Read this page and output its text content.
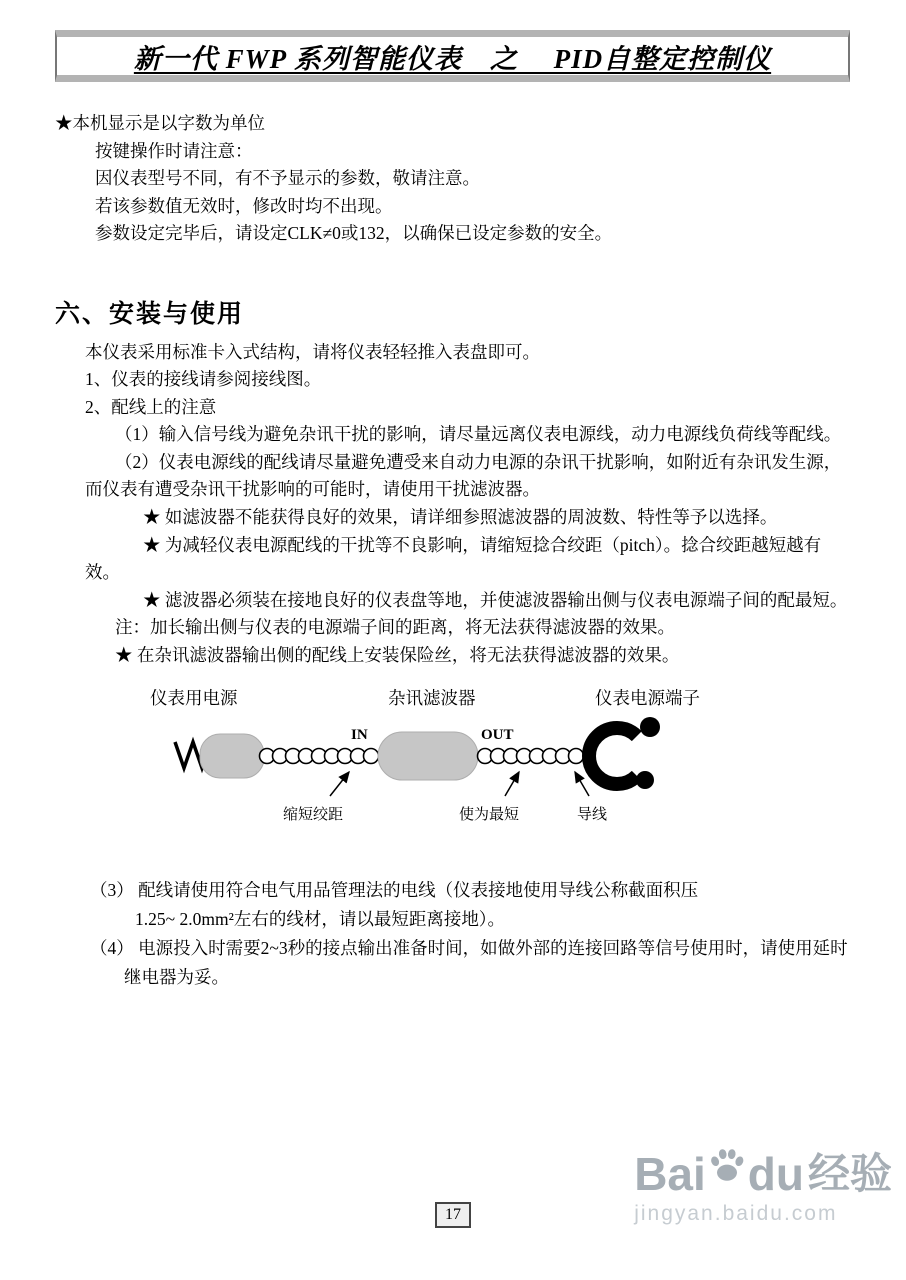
新一代 FWP 系列智能仪表　之　 PID自整定控制仪

★本机显示是以字数为单位

按键操作时请注意：

因仪表型号不同，有不予显示的参数，敬请注意。

若该参数值无效时，修改时均不出现。

参数设定完毕后，请设定CLK≠0或132，以确保已设定参数的安全。

六、安装与使用

本仪表采用标准卡入式结构，请将仪表轻轻推入表盘即可。

1、仪表的接线请参阅接线图。

2、配线上的注意

（1）输入信号线为避免杂讯干扰的影响，请尽量远离仪表电源线，动力电源线负荷线等配线。

（2）仪表电源线的配线请尽量避免遭受来自动力电源的杂讯干扰影响，如附近有杂讯发生源，而仪表有遭受杂讯干扰影响的可能时，请使用干扰滤波器。

★ 如滤波器不能获得良好的效果，请详细参照滤波器的周波数、特性等予以选择。

★ 为减轻仪表电源配线的干扰等不良影响，请缩短捻合绞距（pitch）。捻合绞距越短越有效。

★ 滤波器必须装在接地良好的仪表盘等地，并使滤波器输出侧与仪表电源端子间的配最短。

注：加长输出侧与仪表的电源端子间的距离，将无法获得滤波器的效果。

★ 在杂讯滤波器输出侧的配线上安装保险丝，将无法获得滤波器的效果。

仪表用电源	杂讯滤波器	仪表电源端子
IN	OUT
缩短绞距	使为最短	导线

（3） 配线请使用符合电气用品管理法的电线（仪表接地使用导线公称截面积压

1.25~ 2.0mm²左右的线材，请以最短距离接地）。

（4） 电源投入时需要2~3秒的接点输出准备时间，如做外部的连接回路等信号使用时，请使用延时继电器为妥。

17
Bai du 经验
jingyan.baidu.com
